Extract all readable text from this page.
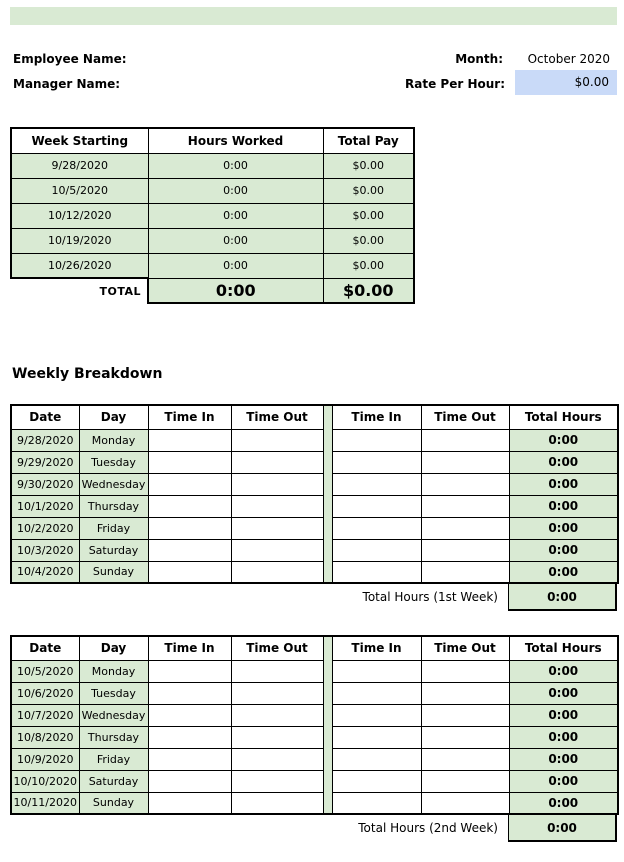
Employee Name:	Month: October 2020
Manager Name:	Rate Per Hour:	$0.00
Week Starting	Hours Worked	Total Pay
9/28/2020	0:00	$0.00
10/5/2020	0:00	$0.00
10/12/2020	0:00	$0.00
10/19/2020	0:00	$0.00
10/26/2020	0:00	$0.00
TOTAL	0:00	$0.00
Weekly Breakdown
Date	Day	Time In	Time Out		Time In	Time Out	Total Hours
9/28/2020	Monday						0:00
9/29/2020	Tuesday						0:00
9/30/2020	Wednesday						0:00
10/1/2020	Thursday						0:00
10/2/2020	Friday						0:00
10/3/2020	Saturday						0:00
10/4/2020	Sunday						0:00
Total Hours (1st Week)	0:00
Date	Day	Time In	Time Out		Time In	Time Out	Total Hours
10/5/2020	Monday						0:00
10/6/2020	Tuesday						0:00
10/7/2020	Wednesday						0:00
10/8/2020	Thursday						0:00
10/9/2020	Friday						0:00
10/10/2020	Saturday						0:00
10/11/2020	Sunday						0:00
Total Hours (2nd Week)	0:00
